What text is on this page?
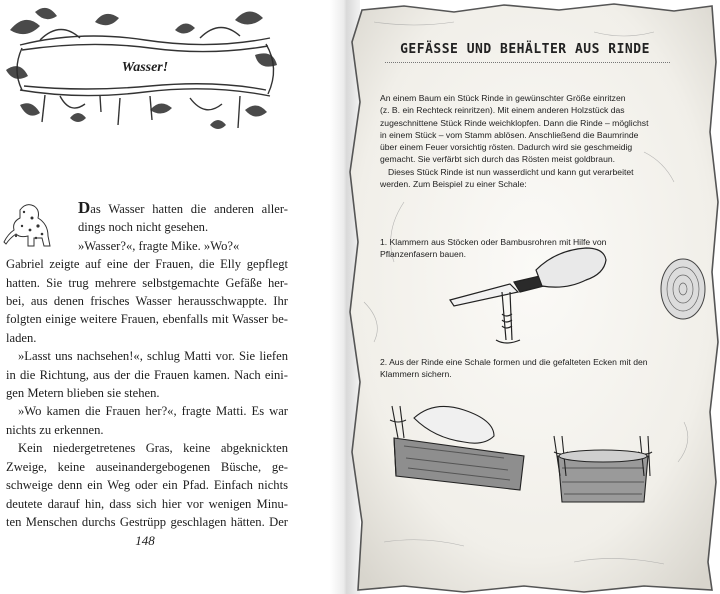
Wasser!
Das Wasser hatten die anderen aller-
dings noch nicht gesehen.
»Wasser?«, fragte Mike. »Wo?«
Gabriel zeigte auf eine der Frauen, die Elly gepflegt
hatten. Sie trug mehrere selbstgemachte Gefäße her-
bei, aus denen frisches Wasser herausschwappte. Ihr
folgten einige weitere Frauen, ebenfalls mit Wasser be-
laden.
»Lasst uns nachsehen!«, schlug Matti vor. Sie liefen
in die Richtung, aus der die Frauen kamen. Nach eini-
gen Metern blieben sie stehen.
»Wo kamen die Frauen her?«, fragte Matti. Es war
nichts zu erkennen.
Kein niedergetretenes Gras, keine abgeknickten
Zweige, keine auseinandergebogenen Büsche, ge-
schweige denn ein Weg oder ein Pfad. Einfach nichts
deutete darauf hin, dass sich hier vor wenigen Minu-
ten Menschen durchs Gestrüpp geschlagen hätten. Der
148
GEFÄSSE UND BEHÄLTER AUS RINDE
An einem Baum ein Stück Rinde in gewünschter Größe einritzen
(z. B. ein Rechteck reinritzen). Mit einem anderen Holzstück das
zugeschnittene Stück Rinde weichklopfen. Dann die Rinde – möglichst
in einem Stück – vom Stamm ablösen. Anschließend die Baumrinde
über einem Feuer vorsichtig rösten. Dadurch wird sie geschmeidig
gemacht. Sie verfärbt sich durch das Rösten meist goldbraun.
Dieses Stück Rinde ist nun wasserdicht und kann gut verarbeitet
werden. Zum Beispiel zu einer Schale:
1. Klammern aus Stöcken oder Bambusrohren mit Hilfe von
Pflanzenfasern bauen.
2. Aus der Rinde eine Schale formen und die gefalteten Ecken mit den
Klammern sichern.
